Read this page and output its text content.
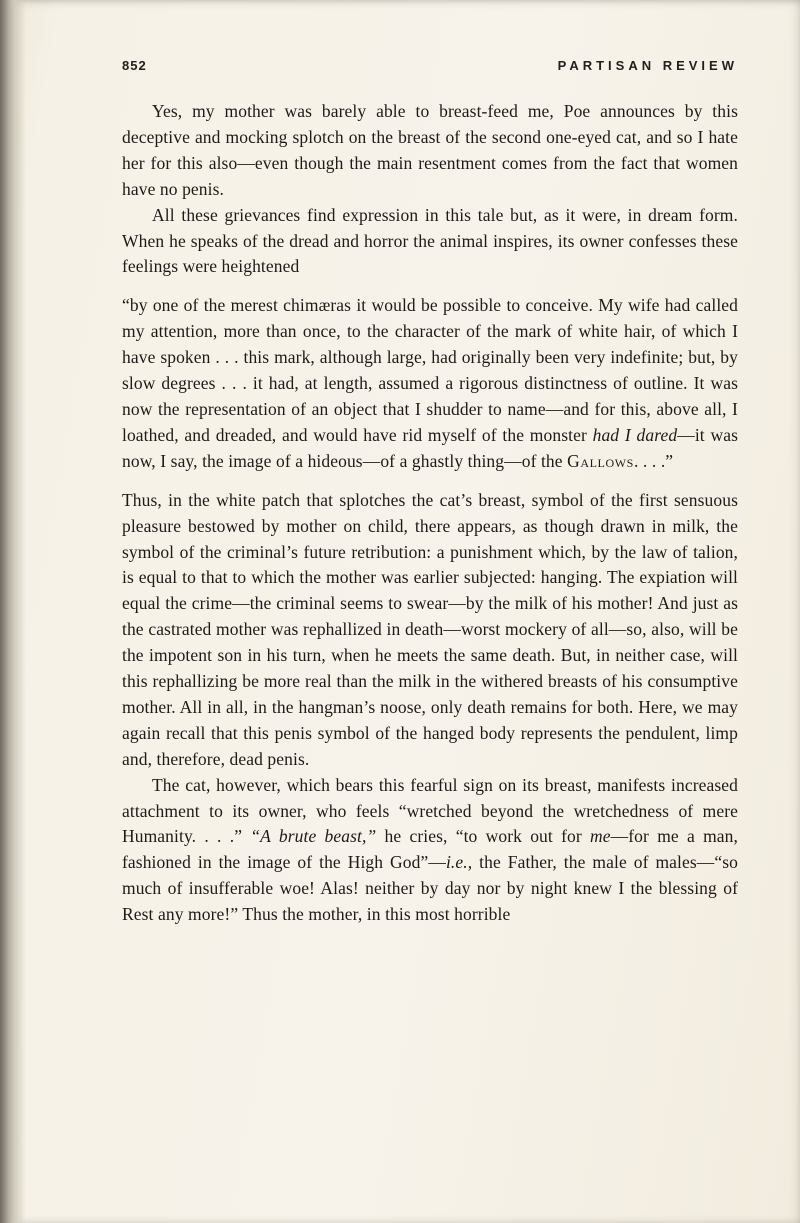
852	PARTISAN REVIEW

Yes, my mother was barely able to breast-feed me, Poe announces by this deceptive and mocking splotch on the breast of the second one-eyed cat, and so I hate her for this also—even though the main resentment comes from the fact that women have no penis.

All these grievances find expression in this tale but, as it were, in dream form. When he speaks of the dread and horror the animal inspires, its owner confesses these feelings were heightened

“by one of the merest chimæras it would be possible to conceive. My wife had called my attention, more than once, to the character of the mark of white hair, of which I have spoken . . . this mark, although large, had originally been very indefinite; but, by slow degrees . . . it had, at length, assumed a rigorous distinctness of outline. It was now the representation of an object that I shudder to name—and for this, above all, I loathed, and dreaded, and would have rid myself of the monster had I dared—it was now, I say, the image of a hideous—of a ghastly thing—of the Gallows. . . .”

Thus, in the white patch that splotches the cat’s breast, symbol of the first sensuous pleasure bestowed by mother on child, there appears, as though drawn in milk, the symbol of the criminal’s future retribution: a punishment which, by the law of talion, is equal to that to which the mother was earlier subjected: hanging. The expiation will equal the crime—the criminal seems to swear—by the milk of his mother! And just as the castrated mother was rephallized in death—worst mockery of all—so, also, will be the impotent son in his turn, when he meets the same death. But, in neither case, will this rephallizing be more real than the milk in the withered breasts of his consumptive mother. All in all, in the hangman’s noose, only death remains for both. Here, we may again recall that this penis symbol of the hanged body represents the pendulent, limp and, therefore, dead penis.

The cat, however, which bears this fearful sign on its breast, manifests increased attachment to its owner, who feels “wretched beyond the wretchedness of mere Humanity. . . .” “A brute beast,” he cries, “to work out for me—for me a man, fashioned in the image of the High God”—i.e., the Father, the male of males—“so much of insufferable woe! Alas! neither by day nor by night knew I the blessing of Rest any more!” Thus the mother, in this most horrible
